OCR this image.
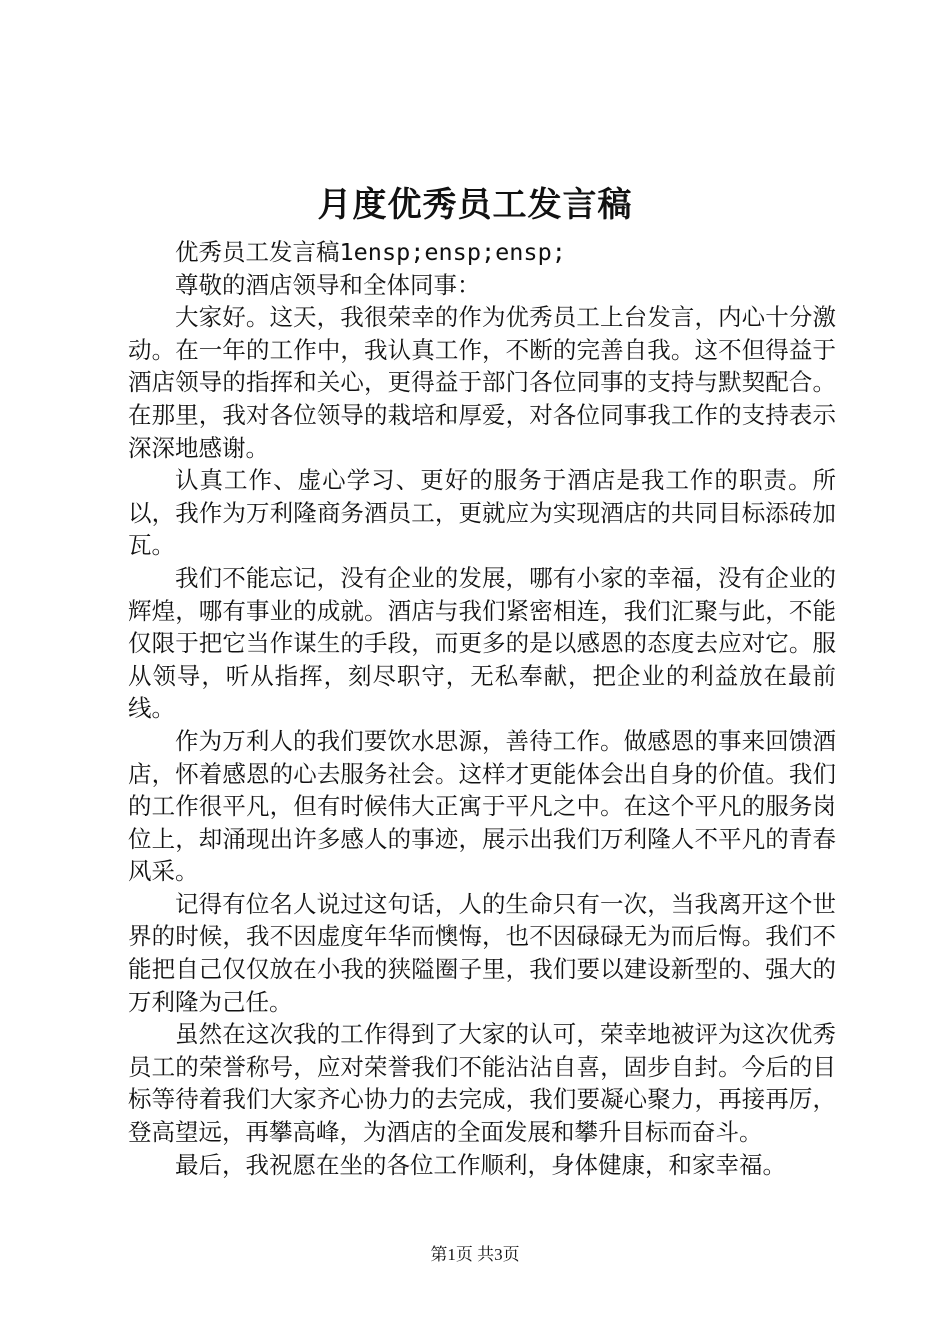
月度优秀员工发言稿

优秀员工发言稿1ensp;ensp;ensp;

尊敬的酒店领导和全体同事：

大家好。这天，我很荣幸的作为优秀员工上台发言，内心十分激动。在一年的工作中，我认真工作，不断的完善自我。这不但得益于酒店领导的指挥和关心，更得益于部门各位同事的支持与默契配合。在那里，我对各位领导的栽培和厚爱，对各位同事我工作的支持表示深深地感谢。

认真工作、虚心学习、更好的服务于酒店是我工作的职责。所以，我作为万利隆商务酒员工，更就应为实现酒店的共同目标添砖加瓦。

我们不能忘记，没有企业的发展，哪有小家的幸福，没有企业的辉煌，哪有事业的成就。酒店与我们紧密相连，我们汇聚与此，不能仅限于把它当作谋生的手段，而更多的是以感恩的态度去应对它。服从领导，听从指挥，刻尽职守，无私奉献，把企业的利益放在最前线。

作为万利人的我们要饮水思源，善待工作。做感恩的事来回馈酒店，怀着感恩的心去服务社会。这样才更能体会出自身的价值。我们的工作很平凡，但有时候伟大正寓于平凡之中。在这个平凡的服务岗位上，却涌现出许多感人的事迹，展示出我们万利隆人不平凡的青春风采。

记得有位名人说过这句话，人的生命只有一次，当我离开这个世界的时候，我不因虚度年华而懊悔，也不因碌碌无为而后悔。我们不能把自己仅仅放在小我的狭隘圈子里，我们要以建设新型的、强大的万利隆为己任。

虽然在这次我的工作得到了大家的认可，荣幸地被评为这次优秀员工的荣誉称号，应对荣誉我们不能沾沾自喜，固步自封。今后的目标等待着我们大家齐心协力的去完成，我们要凝心聚力，再接再厉，登高望远，再攀高峰，为酒店的全面发展和攀升目标而奋斗。

最后，我祝愿在坐的各位工作顺利，身体健康，和家幸福。

第1页 共3页
